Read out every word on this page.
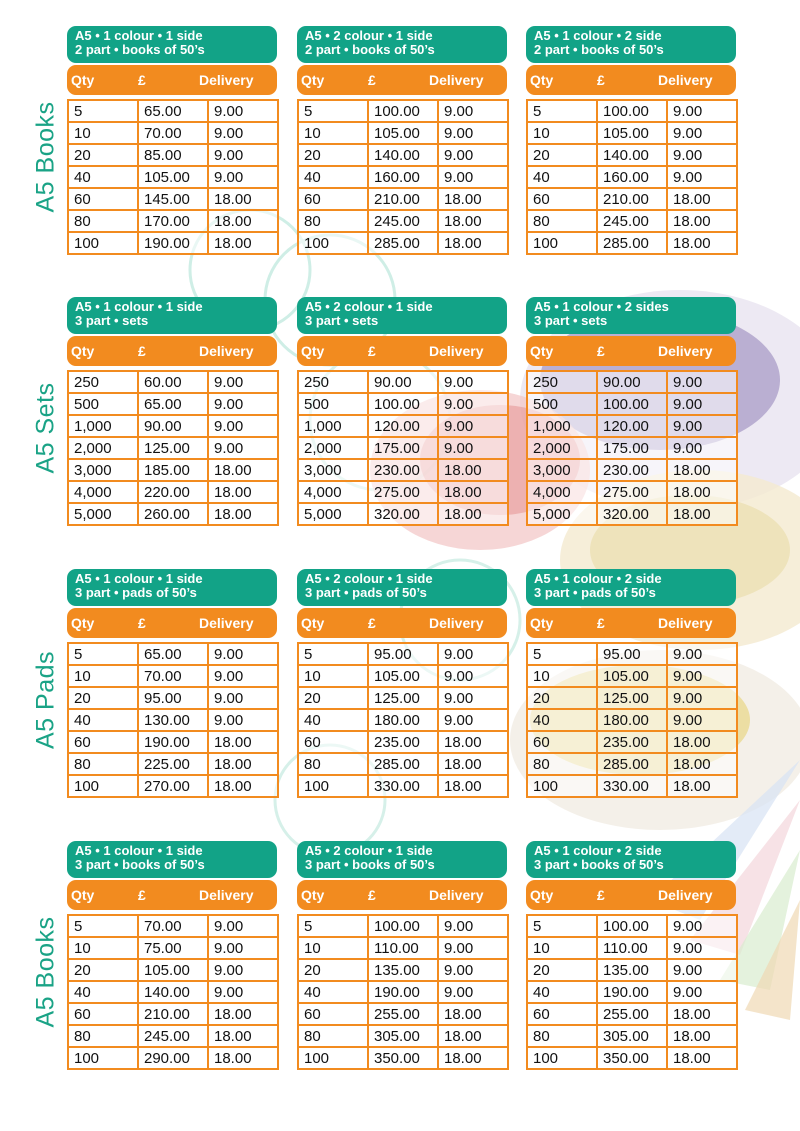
A5 Books
A5 • 1 colour • 1 side
2 part • books of 50’s
Qty	£	Delivery
5	65.00	9.00
10	70.00	9.00
20	85.00	9.00
40	105.00	9.00
60	145.00	18.00
80	170.00	18.00
100	190.00	18.00
A5 • 2 colour • 1 side
2 part • books of 50’s
Qty	£	Delivery
5	100.00	9.00
10	105.00	9.00
20	140.00	9.00
40	160.00	9.00
60	210.00	18.00
80	245.00	18.00
100	285.00	18.00
A5 • 1 colour • 2 side
2 part • books of 50’s
Qty	£	Delivery
5	100.00	9.00
10	105.00	9.00
20	140.00	9.00
40	160.00	9.00
60	210.00	18.00
80	245.00	18.00
100	285.00	18.00
A5 Sets
A5 • 1 colour • 1 side
3 part • sets
Qty	£	Delivery
250	60.00	9.00
500	65.00	9.00
1,000	90.00	9.00
2,000	125.00	9.00
3,000	185.00	18.00
4,000	220.00	18.00
5,000	260.00	18.00
A5 • 2 colour • 1 side
3 part • sets
Qty	£	Delivery
250	90.00	9.00
500	100.00	9.00
1,000	120.00	9.00
2,000	175.00	9.00
3,000	230.00	18.00
4,000	275.00	18.00
5,000	320.00	18.00
A5 • 1 colour • 2 sides
3 part • sets
Qty	£	Delivery
250	90.00	9.00
500	100.00	9.00
1,000	120.00	9.00
2,000	175.00	9.00
3,000	230.00	18.00
4,000	275.00	18.00
5,000	320.00	18.00
A5 Pads
A5 • 1 colour • 1 side
3 part • pads of 50’s
Qty	£	Delivery
5	65.00	9.00
10	70.00	9.00
20	95.00	9.00
40	130.00	9.00
60	190.00	18.00
80	225.00	18.00
100	270.00	18.00
A5 • 2 colour • 1 side
3 part • pads of 50’s
Qty	£	Delivery
5	95.00	9.00
10	105.00	9.00
20	125.00	9.00
40	180.00	9.00
60	235.00	18.00
80	285.00	18.00
100	330.00	18.00
A5 • 1 colour • 2 side
3 part • pads of 50’s
Qty	£	Delivery
5	95.00	9.00
10	105.00	9.00
20	125.00	9.00
40	180.00	9.00
60	235.00	18.00
80	285.00	18.00
100	330.00	18.00
A5 Books
A5 • 1 colour • 1 side
3 part • books of 50’s
Qty	£	Delivery
5	70.00	9.00
10	75.00	9.00
20	105.00	9.00
40	140.00	9.00
60	210.00	18.00
80	245.00	18.00
100	290.00	18.00
A5 • 2 colour • 1 side
3 part • books of 50’s
Qty	£	Delivery
5	100.00	9.00
10	110.00	9.00
20	135.00	9.00
40	190.00	9.00
60	255.00	18.00
80	305.00	18.00
100	350.00	18.00
A5 • 1 colour • 2 side
3 part • books of 50’s
Qty	£	Delivery
5	100.00	9.00
10	110.00	9.00
20	135.00	9.00
40	190.00	9.00
60	255.00	18.00
80	305.00	18.00
100	350.00	18.00
